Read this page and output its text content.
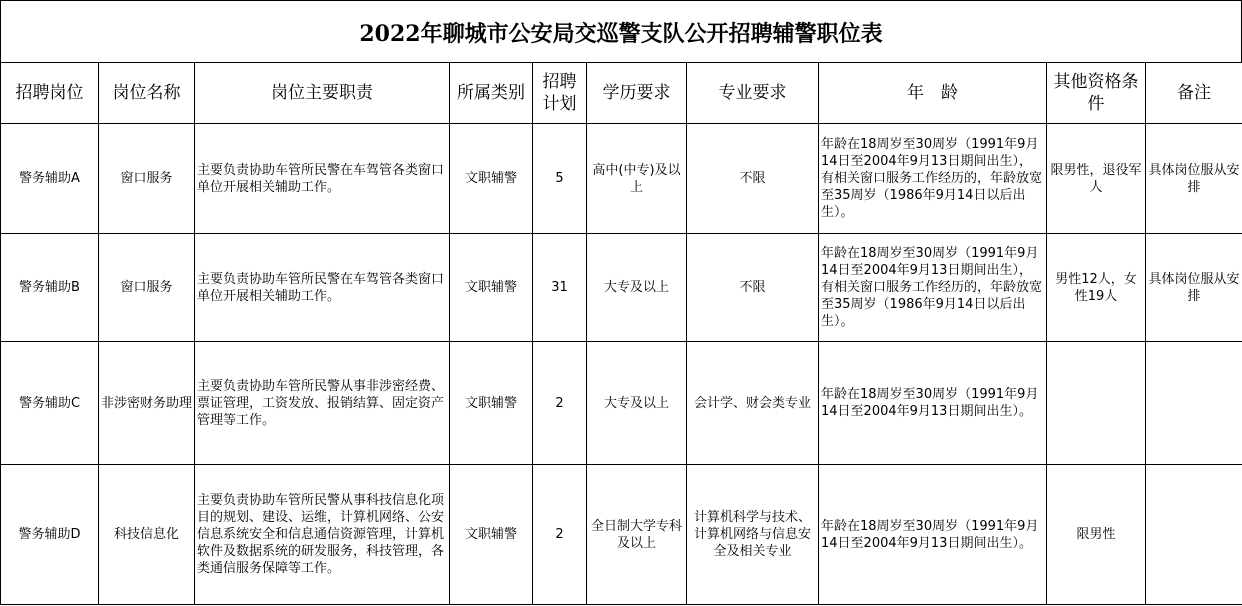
2022年聊城市公安局交巡警支队公开招聘辅警职位表
招聘岗位	岗位名称	岗位主要职责	所属类别	招聘计划	学历要求	专业要求	年　龄	其他资格条件	备注
警务辅助A	窗口服务	主要负责协助车管所民警在车驾管各类窗口单位开展相关辅助工作。	文职辅警	5	高中(中专)及以上	不限	年龄在18周岁至30周岁（1991年9月14日至2004年9月13日期间出生），有相关窗口服务工作经历的，年龄放宽至35周岁（1986年9月14日以后出生）。	限男性，退役军人	具体岗位服从安排
警务辅助B	窗口服务	主要负责协助车管所民警在车驾管各类窗口单位开展相关辅助工作。	文职辅警	31	大专及以上	不限	年龄在18周岁至30周岁（1991年9月14日至2004年9月13日期间出生），有相关窗口服务工作经历的，年龄放宽至35周岁（1986年9月14日以后出生）。	男性12人，女性19人	具体岗位服从安排
警务辅助C	非涉密财务助理	主要负责协助车管所民警从事非涉密经费、票证管理，工资发放、报销结算、固定资产管理等工作。	文职辅警	2	大专及以上	会计学、财会类专业	年龄在18周岁至30周岁（1991年9月14日至2004年9月13日期间出生）。		
警务辅助D	科技信息化	主要负责协助车管所民警从事科技信息化项目的规划、建设、运维，计算机网络、公安信息系统安全和信息通信资源管理，计算机软件及数据系统的研发服务，科技管理，各类通信服务保障等工作。	文职辅警	2	全日制大学专科及以上	计算机科学与技术、计算机网络与信息安全及相关专业	年龄在18周岁至30周岁（1991年9月14日至2004年9月13日期间出生）。	限男性	
